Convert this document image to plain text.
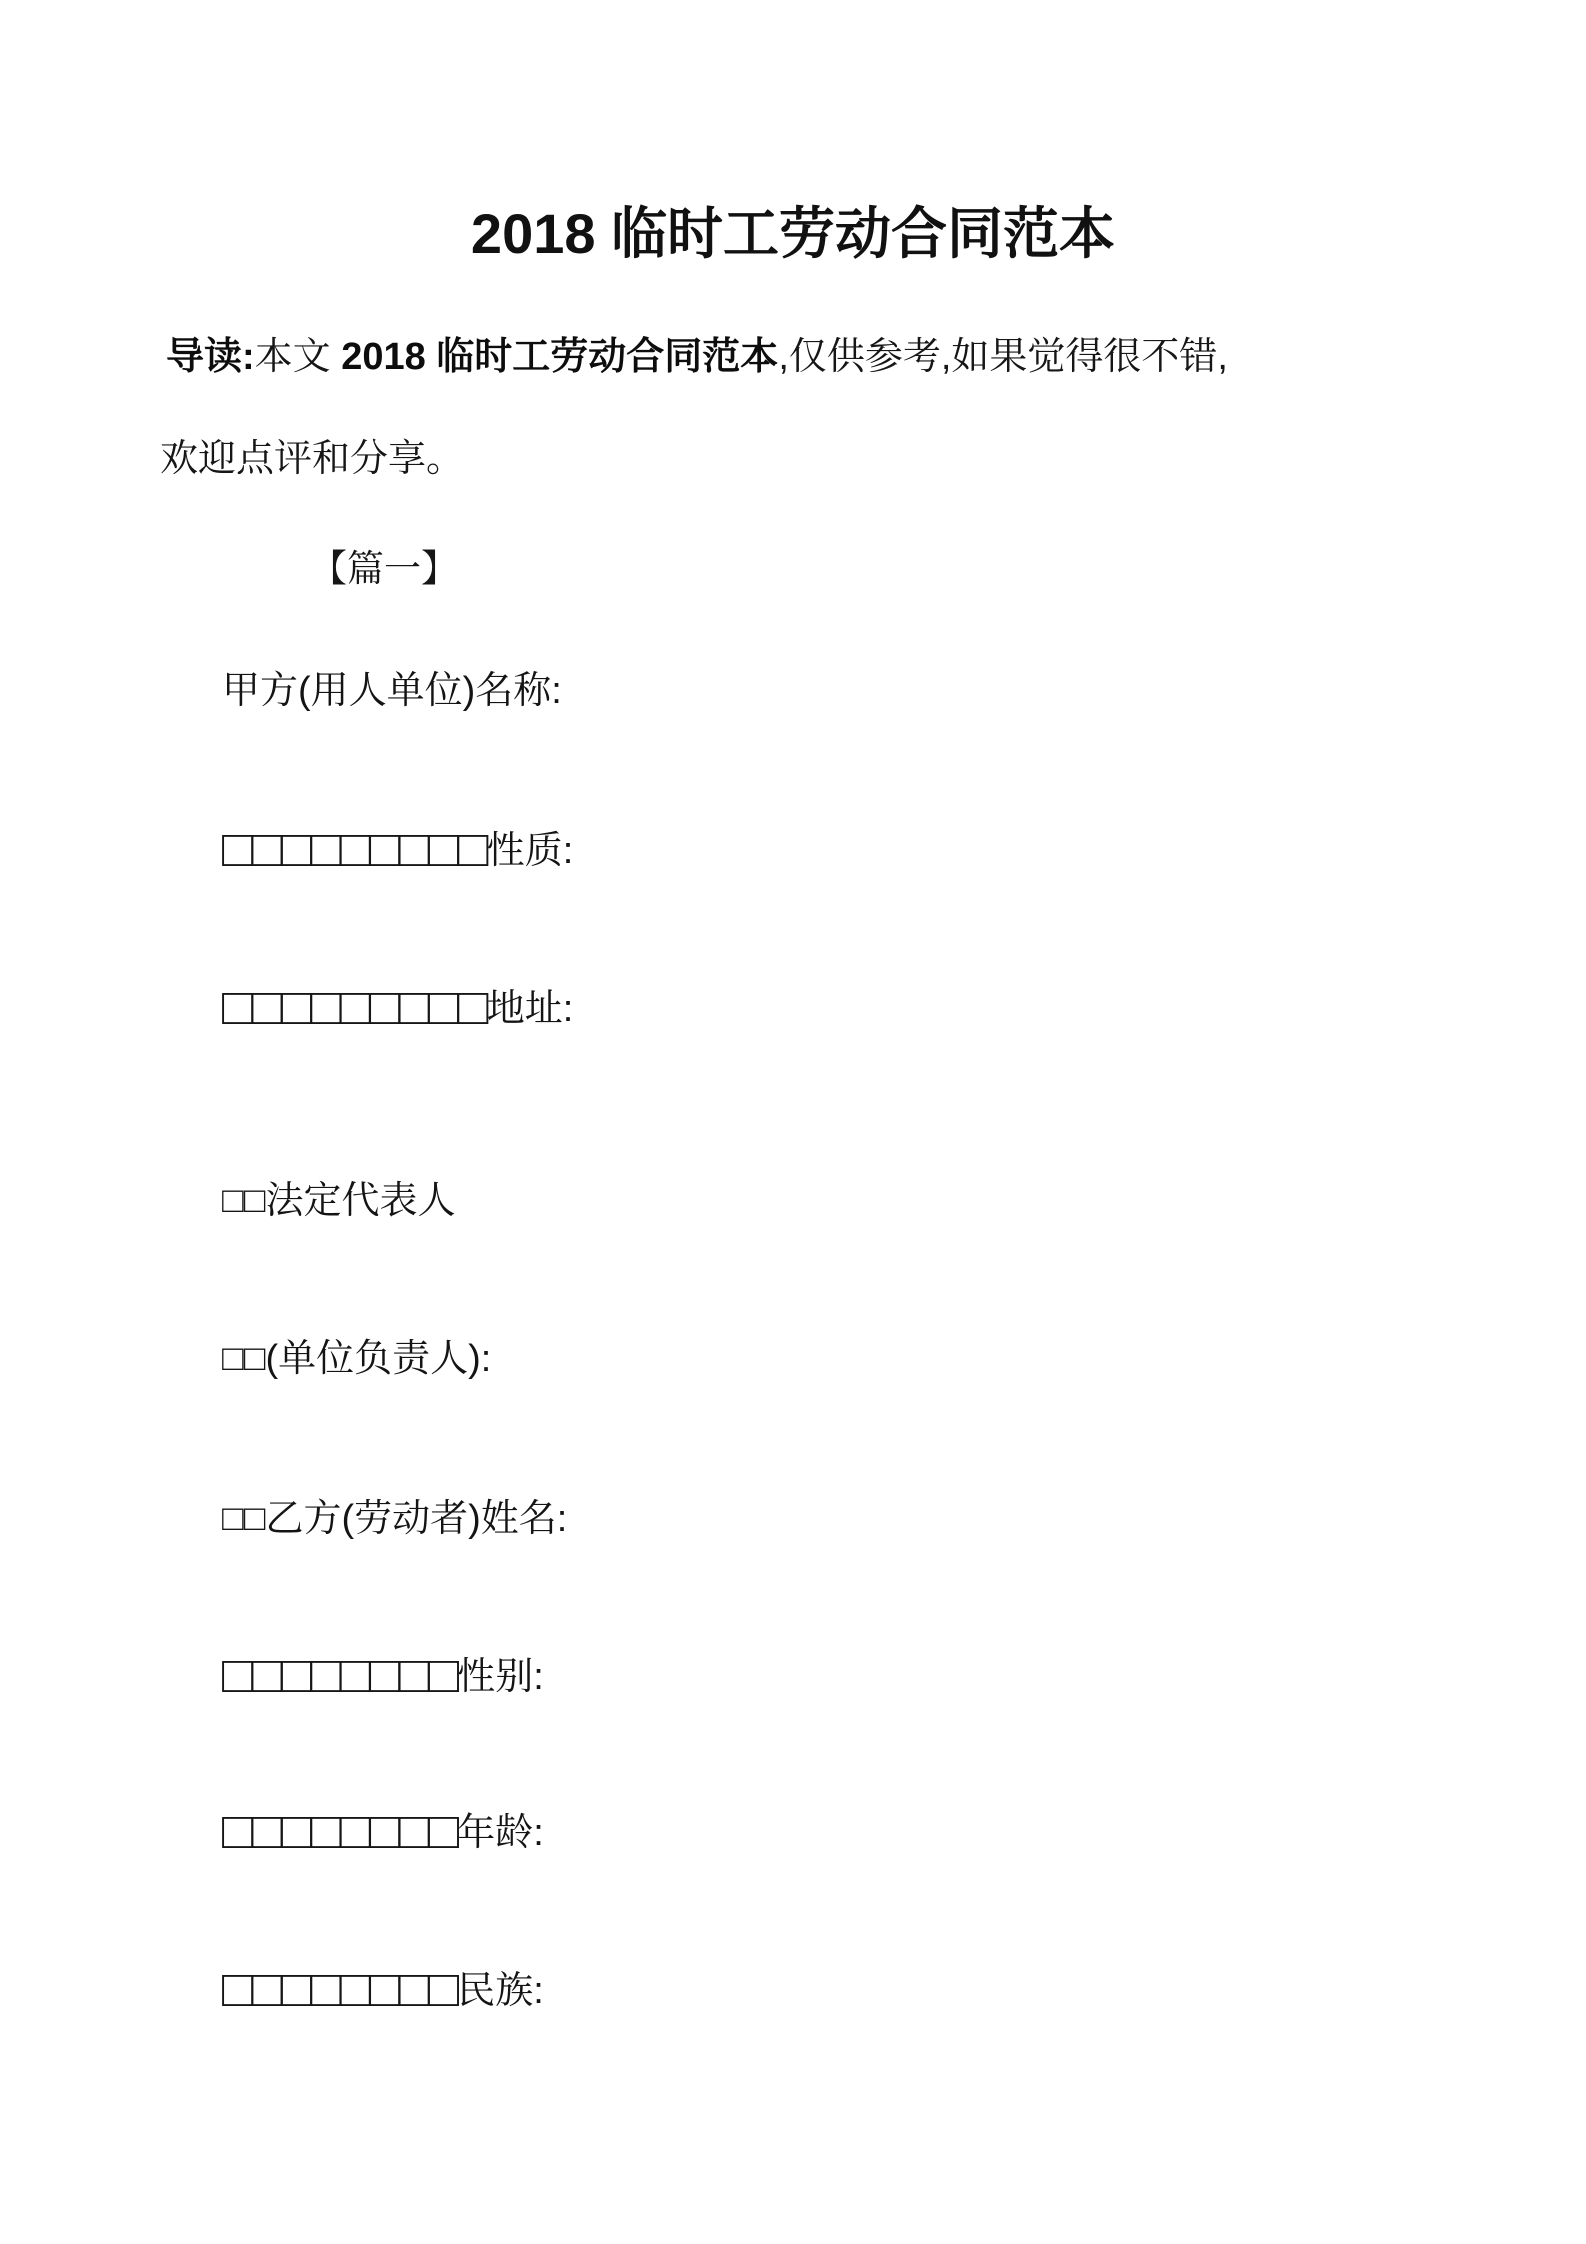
2018 临时工劳动合同范本
导读:本文 2018 临时工劳动合同范本,仅供参考,如果觉得很不错,
欢迎点评和分享。
【篇一】
甲方(用人单位)名称:
□□□□□□□□□性质:
□□□□□□□□□地址:
□□法定代表人
□□(单位负责人):
□□乙方(劳动者)姓名:
□□□□□□□□性别:
□□□□□□□□年龄:
□□□□□□□□民族:
